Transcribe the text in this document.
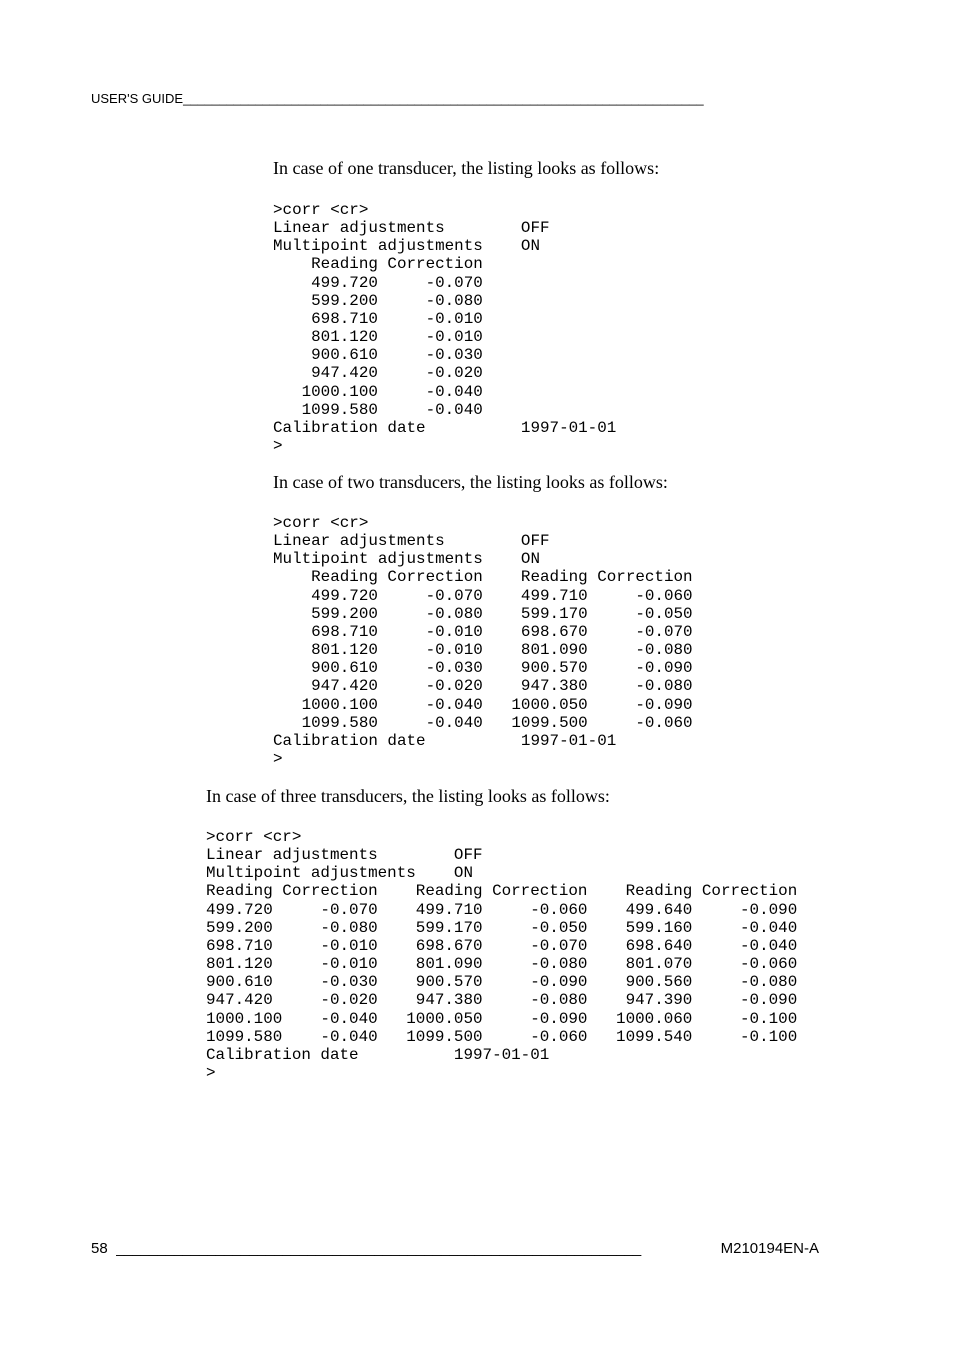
USER'S GUIDE________________________________________________________________________
In case of one transducer, the listing looks as follows:
>corr <cr>
Linear adjustments        OFF
Multipoint adjustments    ON
Reading Correction
499.720     -0.070
599.200     -0.080
698.710     -0.010
801.120     -0.010
900.610     -0.030
947.420     -0.020
1000.100     -0.040
1099.580     -0.040
Calibration date          1997-01-01
>
In case of two transducers, the listing looks as follows:
>corr <cr>
Linear adjustments        OFF
Multipoint adjustments    ON
Reading Correction    Reading Correction
499.720     -0.070    499.710     -0.060
599.200     -0.080    599.170     -0.050
698.710     -0.010    698.670     -0.070
801.120     -0.010    801.090     -0.080
900.610     -0.030    900.570     -0.090
947.420     -0.020    947.380     -0.080
1000.100     -0.040   1000.050     -0.090
1099.580     -0.040   1099.500     -0.060
Calibration date          1997-01-01
>
In case of three transducers, the listing looks as follows:
>corr <cr>
Linear adjustments        OFF
Multipoint adjustments    ON
Reading Correction    Reading Correction    Reading Correction
499.720     -0.070    499.710     -0.060    499.640     -0.090
599.200     -0.080    599.170     -0.050    599.160     -0.040
698.710     -0.010    698.670     -0.070    698.640     -0.040
801.120     -0.010    801.090     -0.080    801.070     -0.060
900.610     -0.030    900.570     -0.090    900.560     -0.080
947.420     -0.020    947.380     -0.080    947.390     -0.090
1000.100    -0.040   1000.050     -0.090   1000.060     -0.100
1099.580    -0.040   1099.500     -0.060   1099.540     -0.100
Calibration date          1997-01-01
>
58 _______________________________________________________________	M210194EN-A
